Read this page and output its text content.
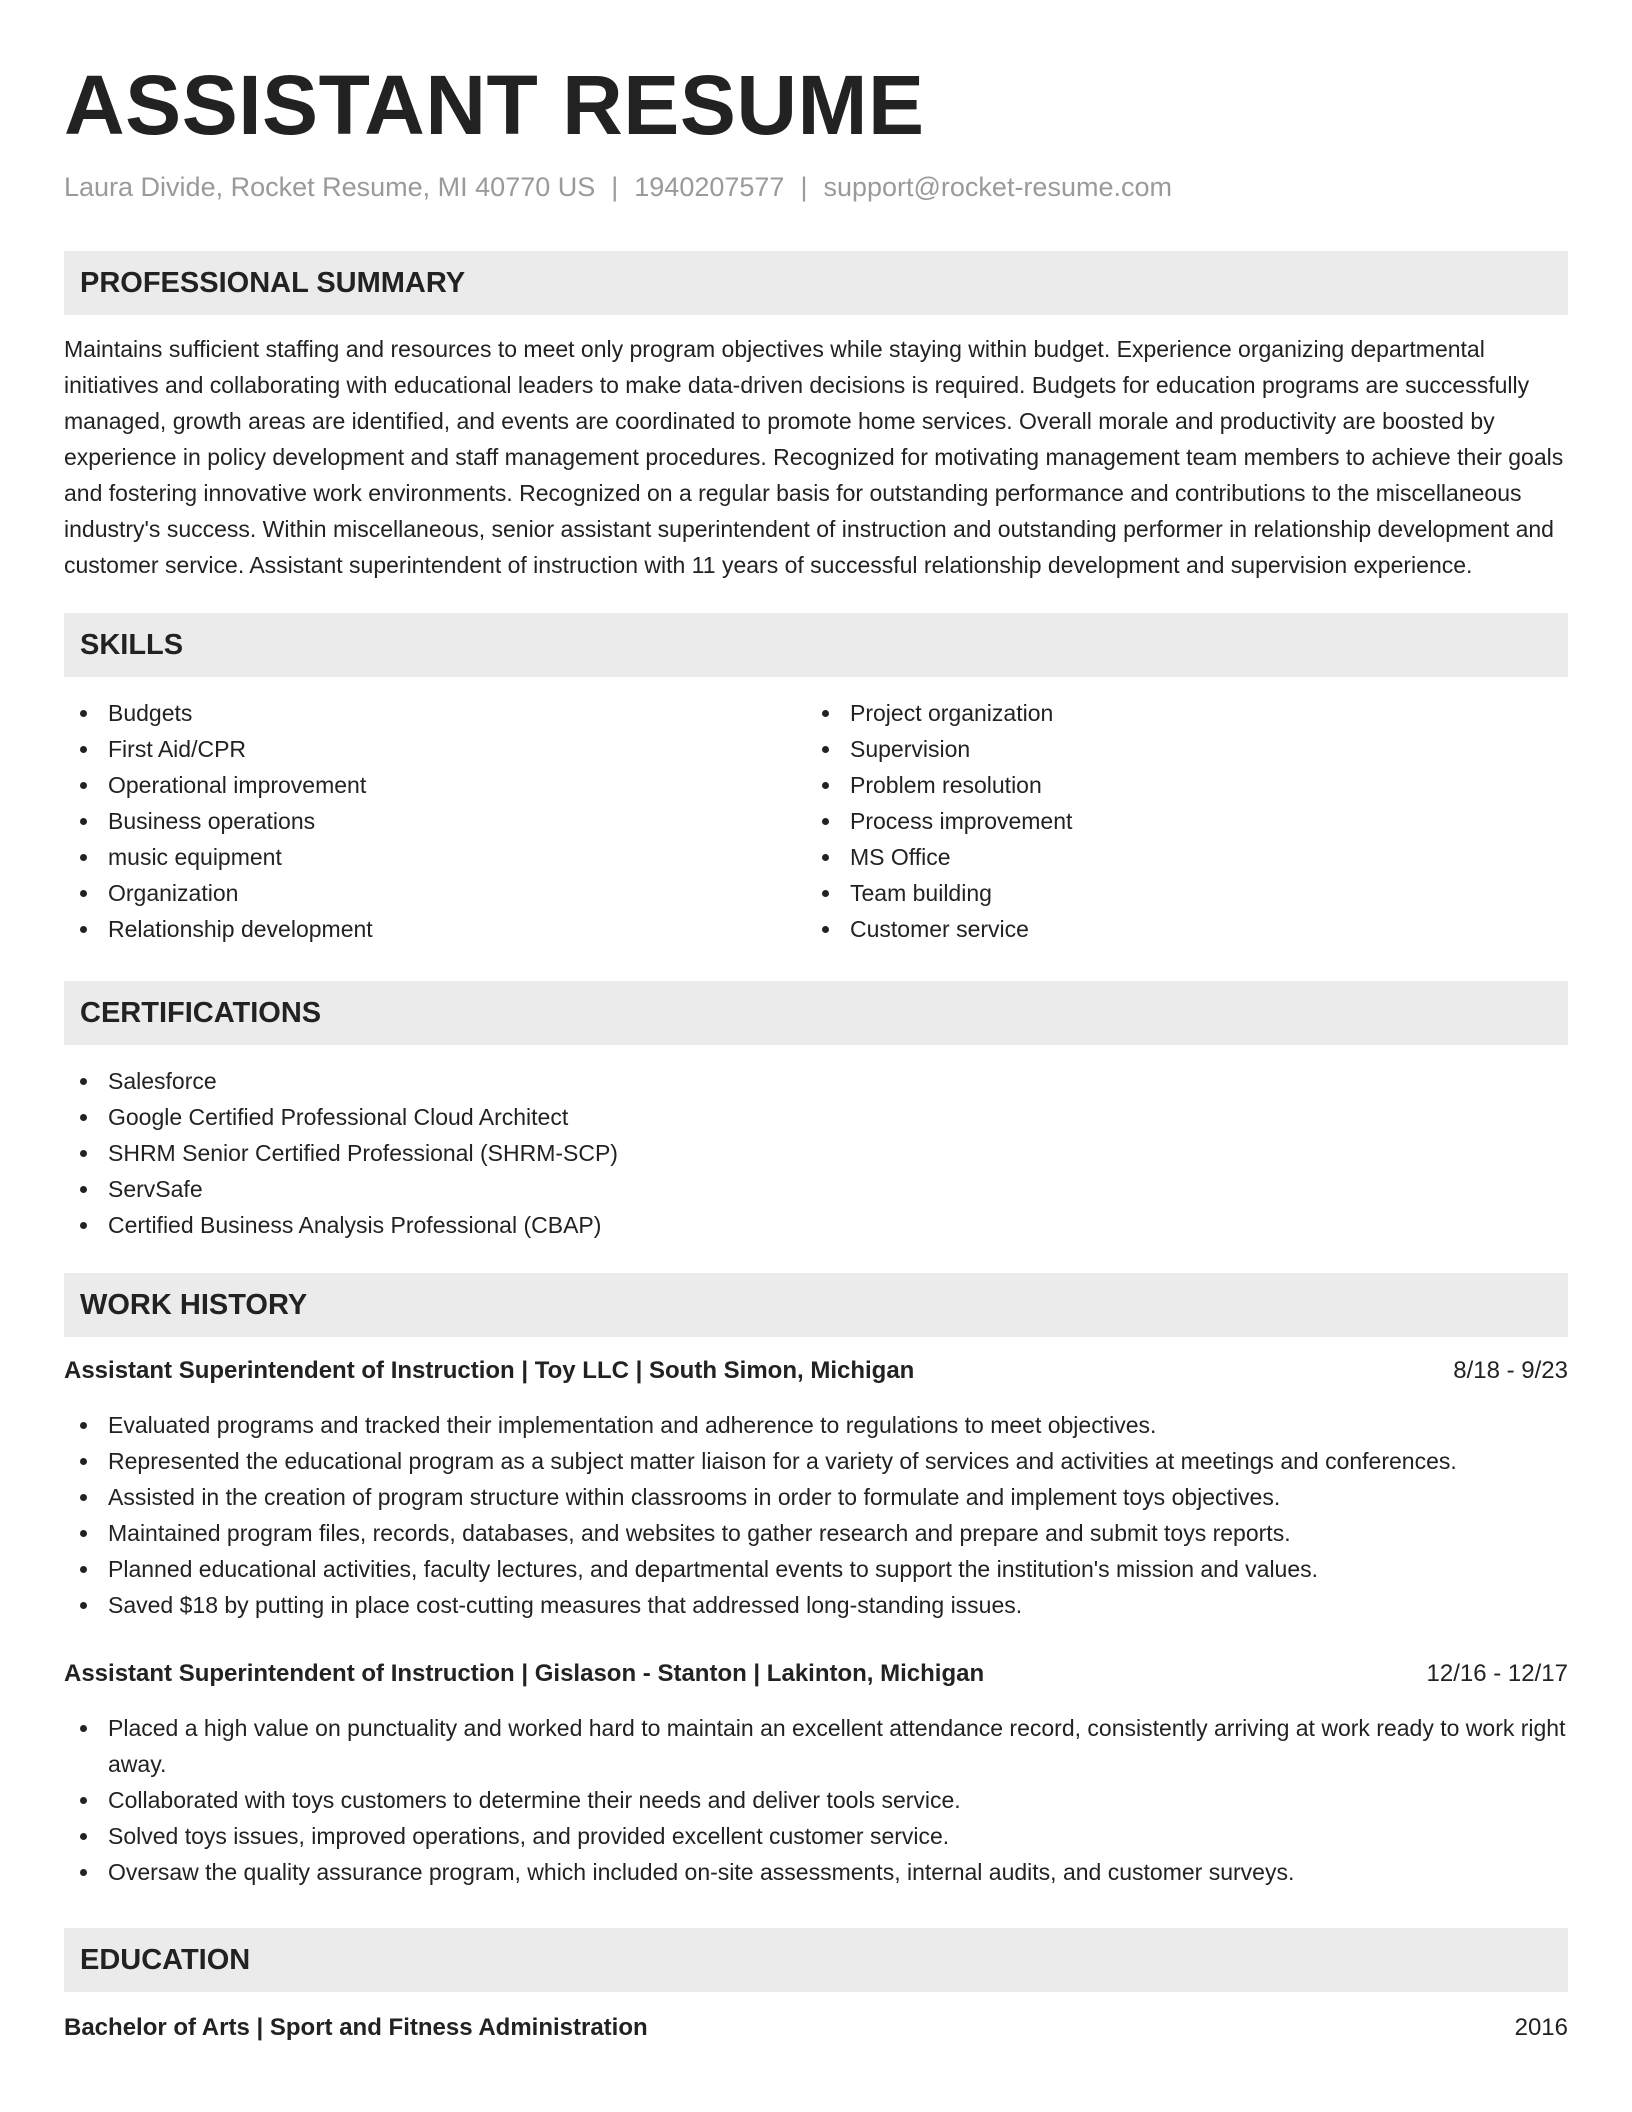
ASSISTANT RESUME
Laura Divide, Rocket Resume, MI 40770 US | 1940207577 | support@rocket-resume.com
PROFESSIONAL SUMMARY

Maintains sufficient staffing and resources to meet only program objectives while staying within budget. Experience organizing departmental initiatives and collaborating with educational leaders to make data-driven decisions is required. Budgets for education programs are successfully managed, growth areas are identified, and events are coordinated to promote home services. Overall morale and productivity are boosted by experience in policy development and staff management procedures. Recognized for motivating management team members to achieve their goals and fostering innovative work environments. Recognized on a regular basis for outstanding performance and contributions to the miscellaneous industry's success. Within miscellaneous, senior assistant superintendent of instruction and outstanding performer in relationship development and customer service. Assistant superintendent of instruction with 11 years of successful relationship development and supervision experience.

SKILLS
Budgets
First Aid/CPR
Operational improvement
Business operations
music equipment
Organization
Relationship development
Project organization
Supervision
Problem resolution
Process improvement
MS Office
Team building
Customer service
CERTIFICATIONS
Salesforce
Google Certified Professional Cloud Architect
SHRM Senior Certified Professional (SHRM-SCP)
ServSafe
Certified Business Analysis Professional (CBAP)
WORK HISTORY
Assistant Superintendent of Instruction | Toy LLC | South Simon, Michigan	8/18 - 9/23
Evaluated programs and tracked their implementation and adherence to regulations to meet objectives.
Represented the educational program as a subject matter liaison for a variety of services and activities at meetings and conferences.
Assisted in the creation of program structure within classrooms in order to formulate and implement toys objectives.
Maintained program files, records, databases, and websites to gather research and prepare and submit toys reports.
Planned educational activities, faculty lectures, and departmental events to support the institution's mission and values.
Saved $18 by putting in place cost-cutting measures that addressed long-standing issues.
Assistant Superintendent of Instruction | Gislason - Stanton | Lakinton, Michigan	12/16 - 12/17
Placed a high value on punctuality and worked hard to maintain an excellent attendance record, consistently arriving at work ready to work right away.
Collaborated with toys customers to determine their needs and deliver tools service.
Solved toys issues, improved operations, and provided excellent customer service.
Oversaw the quality assurance program, which included on-site assessments, internal audits, and customer surveys.
EDUCATION
Bachelor of Arts | Sport and Fitness Administration	2016
